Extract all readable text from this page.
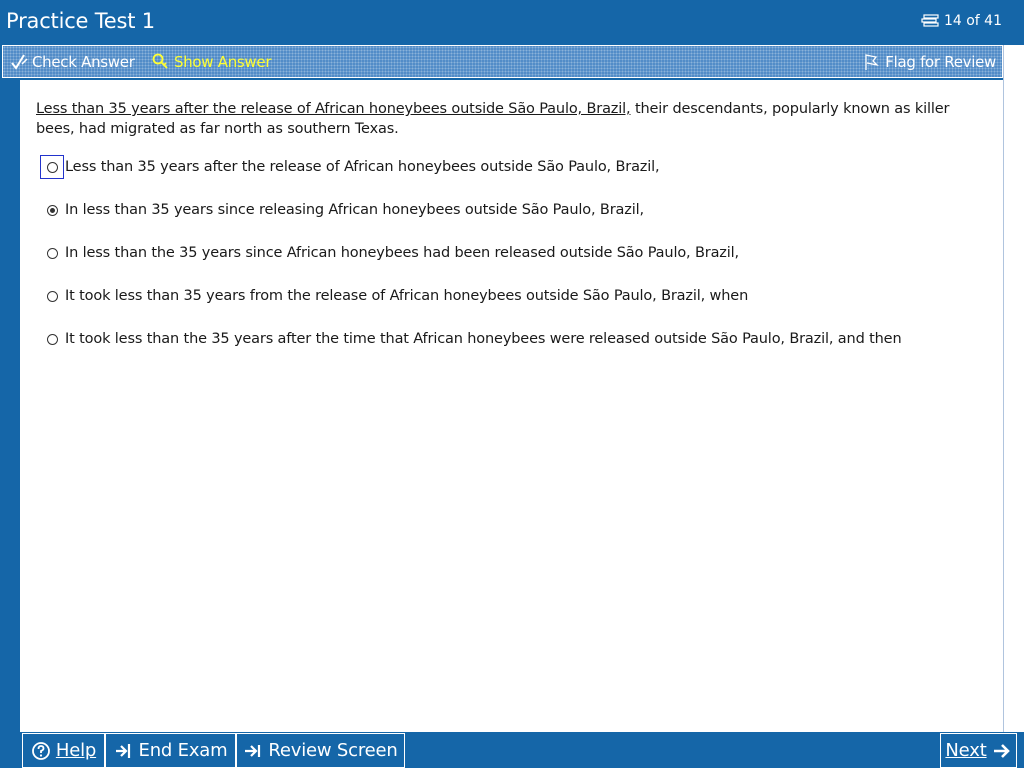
Practice Test 1	14 of 41
Check Answer	Show Answer	Flag for Review
Less than 35 years after the release of African honeybees outside São Paulo, Brazil, their descendants, popularly known as killer bees, had migrated as far north as southern Texas.
Less than 35 years after the release of African honeybees outside São Paulo, Brazil,
In less than 35 years since releasing African honeybees outside São Paulo, Brazil,
In less than the 35 years since African honeybees had been released outside São Paulo, Brazil,
It took less than 35 years from the release of African honeybees outside São Paulo, Brazil, when
It took less than the 35 years after the time that African honeybees were released outside São Paulo, Brazil, and then
Help End Exam Review Screen	Next
